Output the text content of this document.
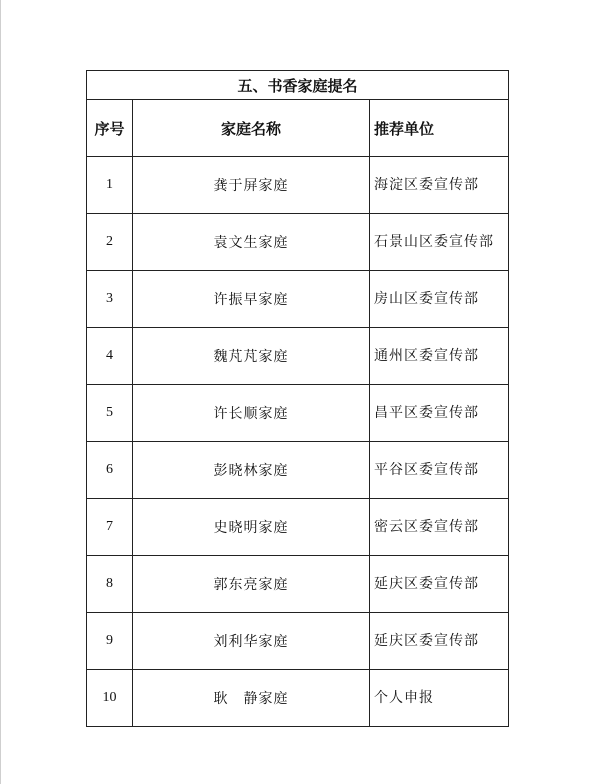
五、书香家庭提名		
序号	家庭名称	推荐单位
1	龚于屏家庭	海淀区委宣传部
2	袁文生家庭	石景山区委宣传部
3	许振早家庭	房山区委宣传部
4	魏芃芃家庭	通州区委宣传部
5	许长顺家庭	昌平区委宣传部
6	彭晓林家庭	平谷区委宣传部
7	史晓明家庭	密云区委宣传部
8	郭东亮家庭	延庆区委宣传部
9	刘利华家庭	延庆区委宣传部
10	耿　静家庭	个人申报
